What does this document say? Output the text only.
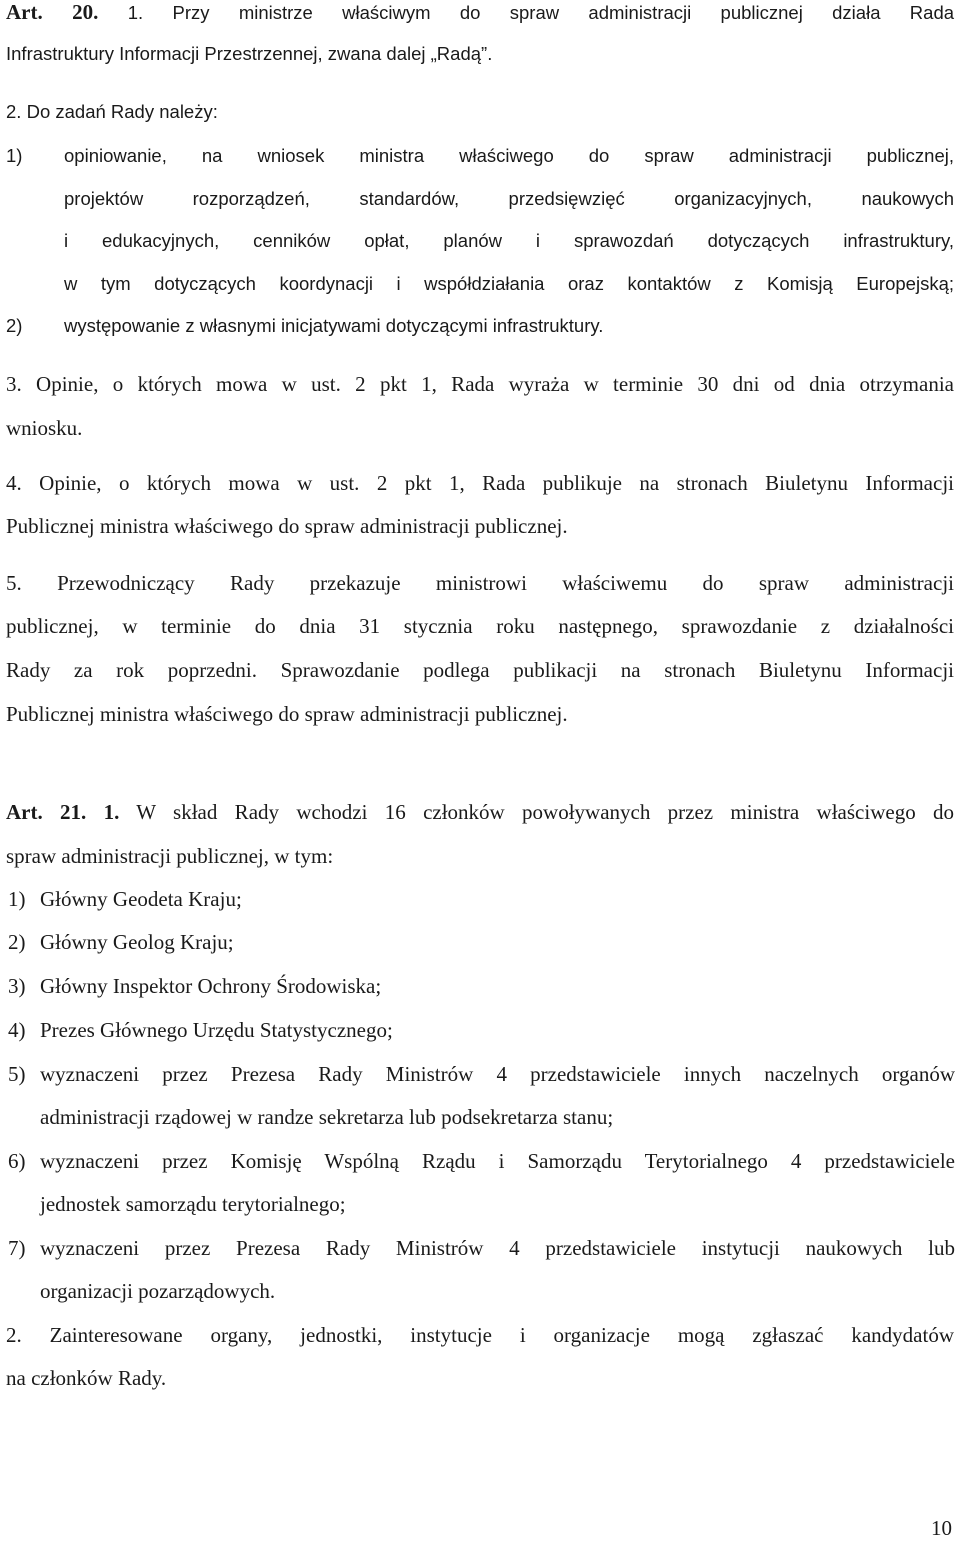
Art. 20. 1. Przy ministrze właściwym do spraw administracji publicznej działa Rada
Infrastruktury Informacji Przestrzennej, zwana dalej „Radą”.
2. Do zadań Rady należy:
1) opiniowanie, na wniosek ministra właściwego do spraw administracji publicznej,
projektów rozporządzeń, standardów, przedsięwzięć organizacyjnych, naukowych
i edukacyjnych, cenników opłat, planów i sprawozdań dotyczących infrastruktury,
w tym dotyczących koordynacji i współdziałania oraz kontaktów z Komisją Europejską;
2) występowanie z własnymi inicjatywami dotyczącymi infrastruktury.
3. Opinie, o których mowa w ust. 2 pkt 1, Rada wyraża w terminie 30 dni od dnia otrzymania
wniosku.
4. Opinie, o których mowa w ust. 2 pkt 1, Rada publikuje na stronach Biuletynu Informacji
Publicznej ministra właściwego do spraw administracji publicznej.
5. Przewodniczący Rady przekazuje ministrowi właściwemu do spraw administracji
publicznej, w terminie do dnia 31 stycznia roku następnego, sprawozdanie z działalności
Rady za rok poprzedni. Sprawozdanie podlega publikacji na stronach Biuletynu Informacji
Publicznej ministra właściwego do spraw administracji publicznej.
Art. 21. 1. W skład Rady wchodzi 16 członków powoływanych przez ministra właściwego do
spraw administracji publicznej, w tym:
1) Główny Geodeta Kraju;
2) Główny Geolog Kraju;
3) Główny Inspektor Ochrony Środowiska;
4) Prezes Głównego Urzędu Statystycznego;
5) wyznaczeni przez Prezesa Rady Ministrów 4 przedstawiciele innych naczelnych organów
administracji rządowej w randze sekretarza lub podsekretarza stanu;
6) wyznaczeni przez Komisję Wspólną Rządu i Samorządu Terytorialnego 4 przedstawiciele
jednostek samorządu terytorialnego;
7) wyznaczeni przez Prezesa Rady Ministrów 4 przedstawiciele instytucji naukowych lub
organizacji pozarządowych.
2. Zainteresowane organy, jednostki, instytucje i organizacje mogą zgłaszać kandydatów
na członków Rady.
10
